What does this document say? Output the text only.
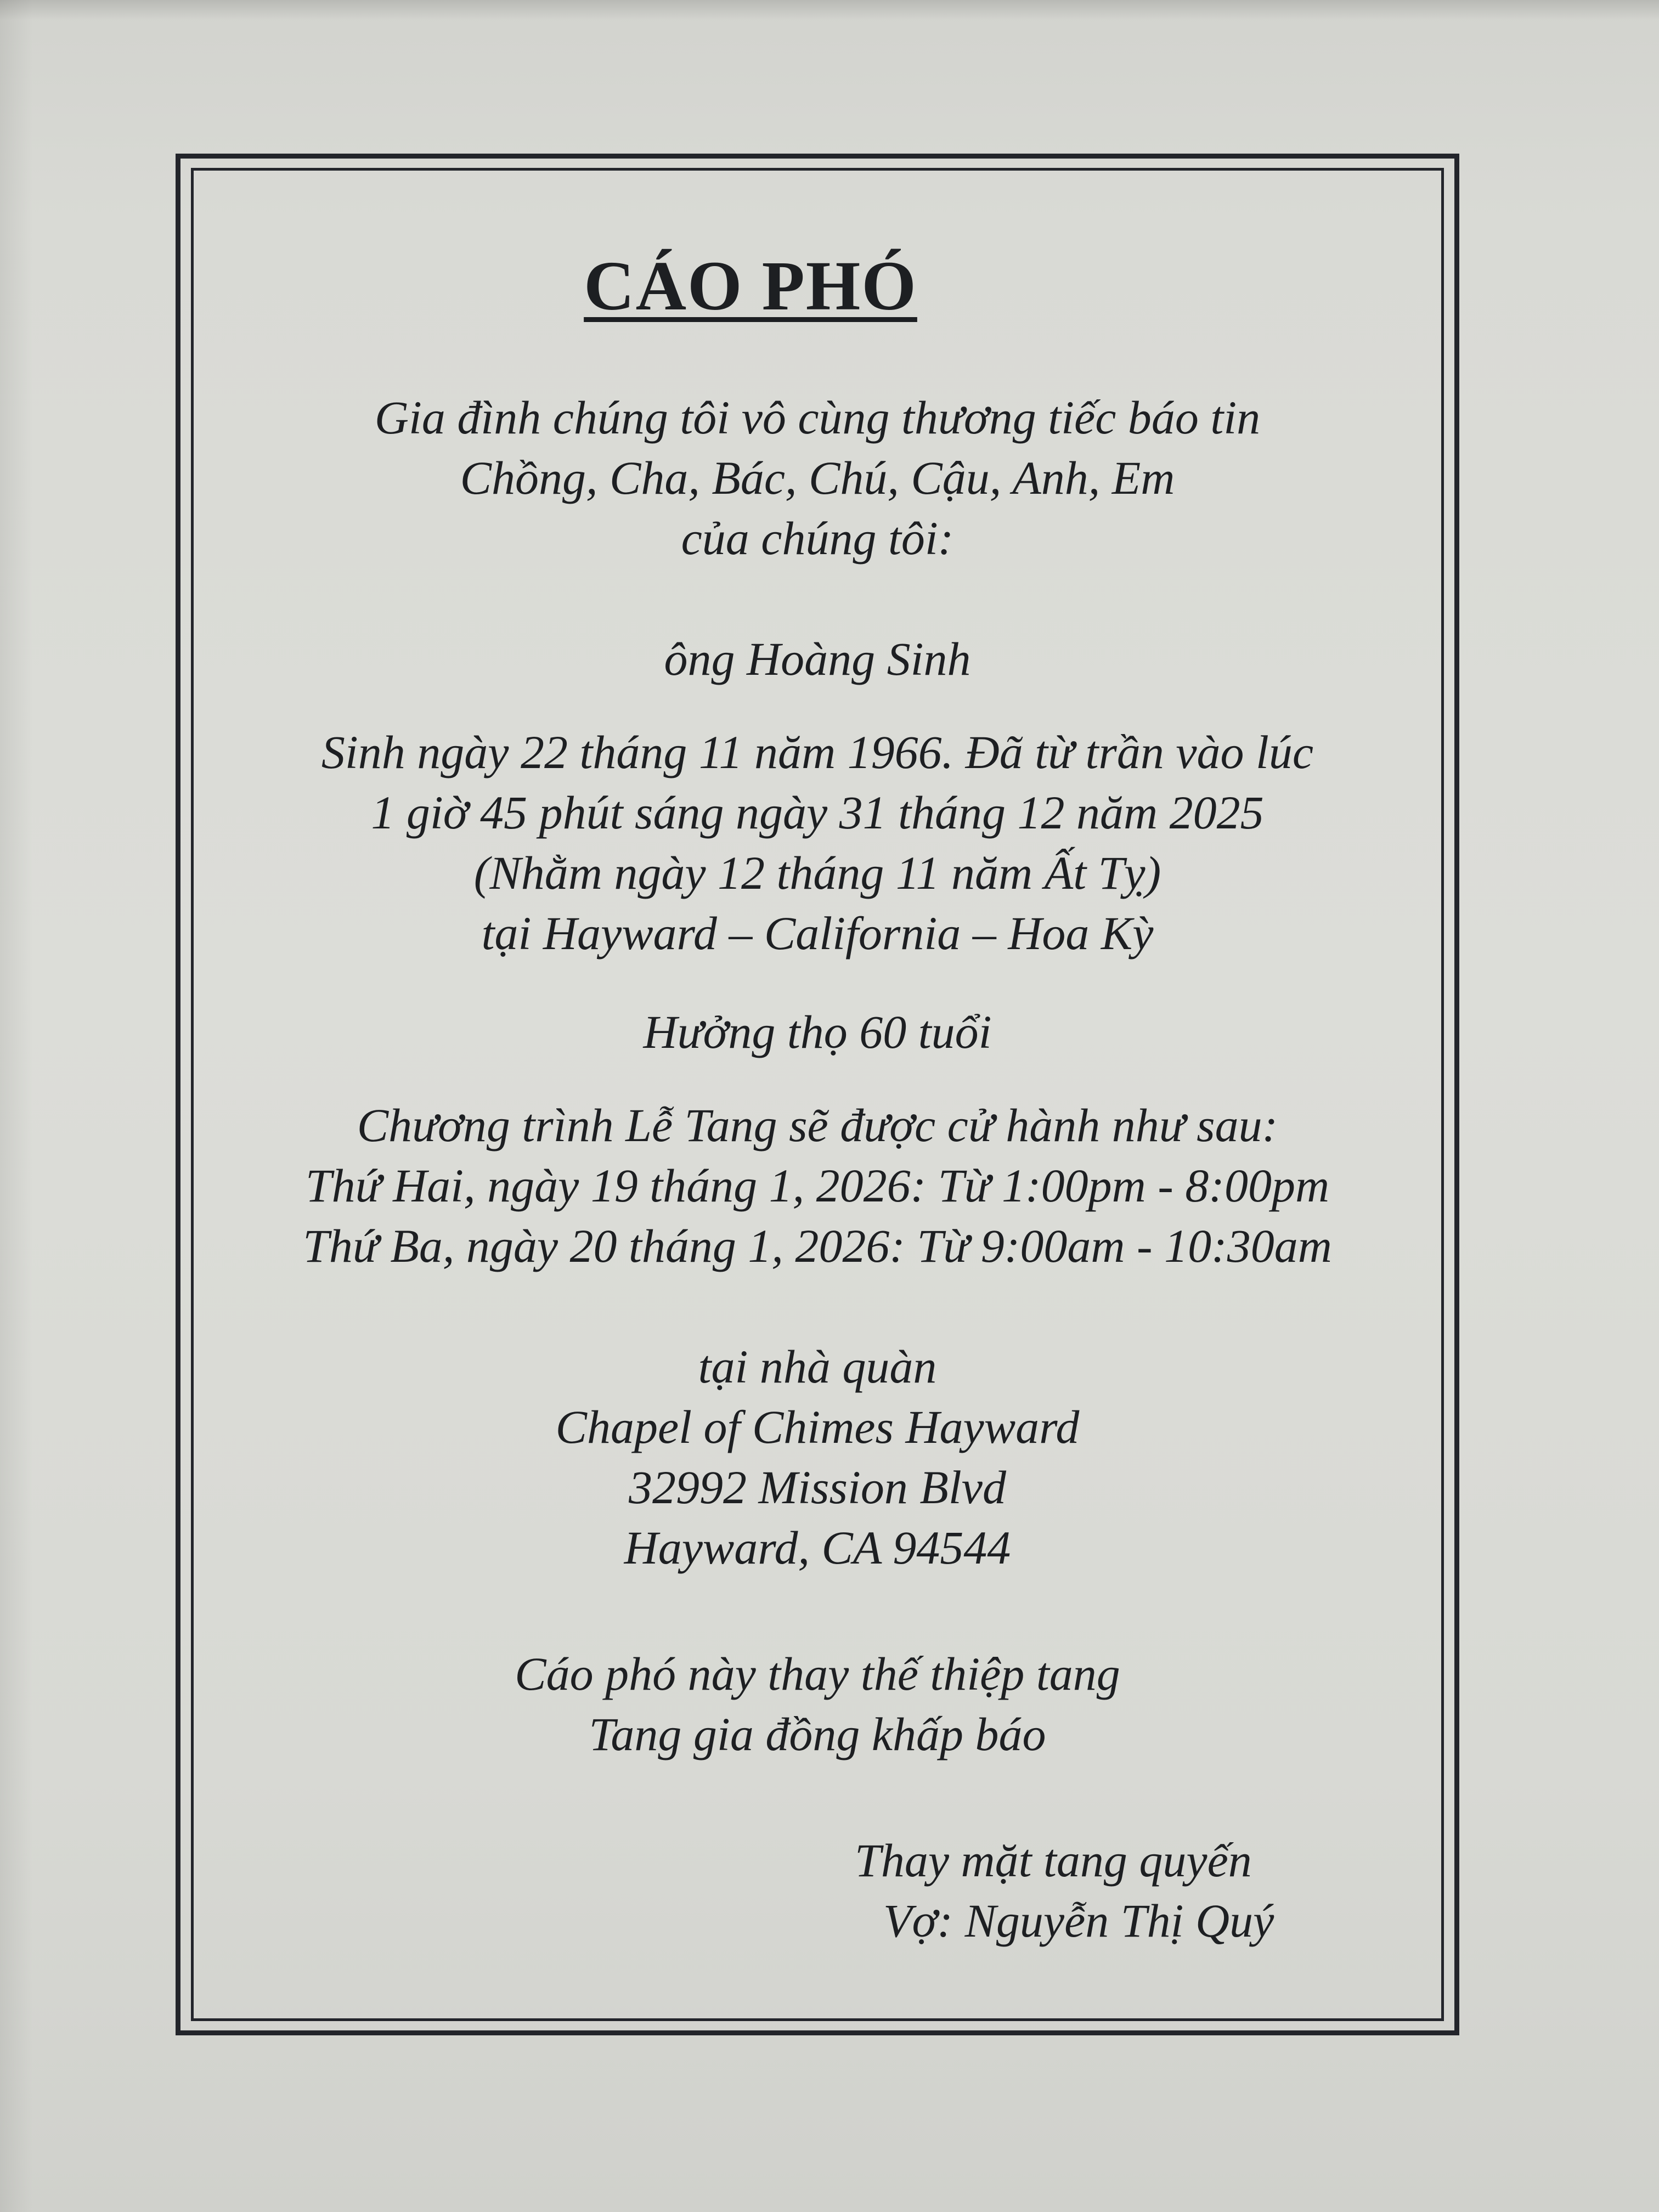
CÁO PHÓ
Gia đình chúng tôi vô cùng thương tiếc báo tin
Chồng, Cha, Bác, Chú, Cậu, Anh, Em
của chúng tôi:
ông Hoàng Sinh
Sinh ngày 22 tháng 11 năm 1966. Đã từ trần vào lúc
1 giờ 45 phút sáng ngày 31 tháng 12 năm 2025
(Nhằm ngày 12 tháng 11 năm Ất Tỵ)
tại Hayward – California – Hoa Kỳ
Hưởng thọ 60 tuổi
Chương trình Lễ Tang sẽ được cử hành như sau:
Thứ Hai, ngày 19 tháng 1, 2026: Từ 1:00pm - 8:00pm
Thứ Ba, ngày 20 tháng 1, 2026: Từ 9:00am - 10:30am
tại nhà quàn
Chapel of Chimes Hayward
32992 Mission Blvd
Hayward, CA 94544
Cáo phó này thay thế thiệp tang
Tang gia đồng khấp báo
Thay mặt tang quyến
Vợ: Nguyễn Thị Quý
